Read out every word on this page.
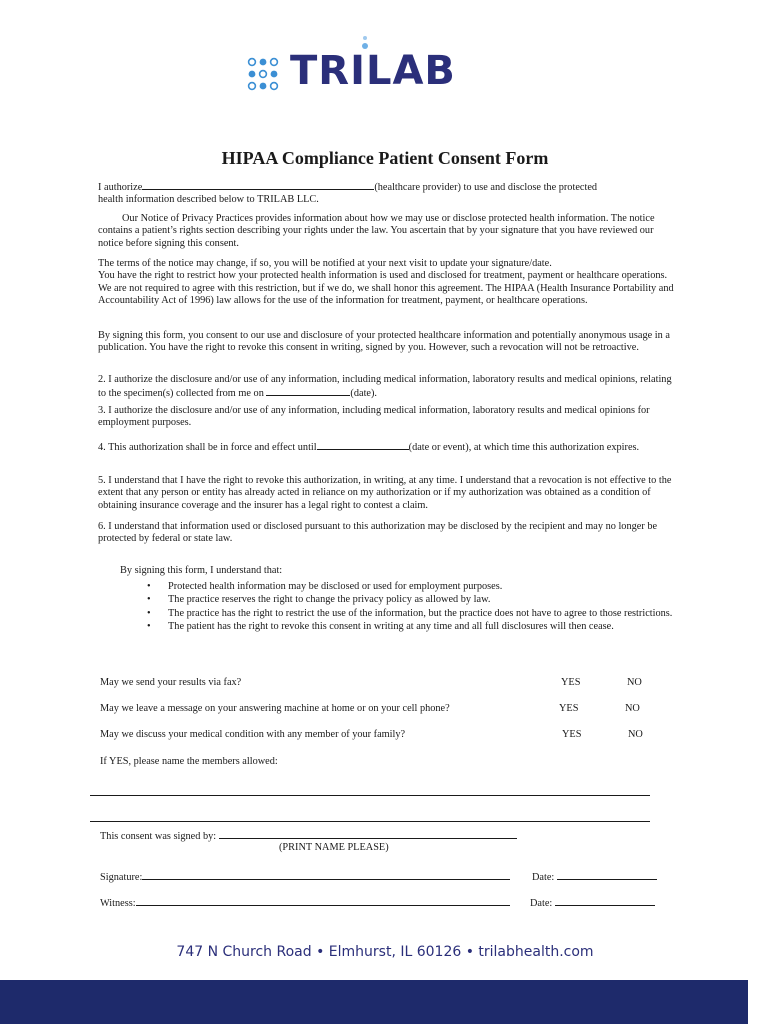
TRILAB
HIPAA Compliance Patient Consent Form
I authorize	(healthcare provider) to use and disclose the protected
health information described below to TRILAB LLC.
Our Notice of Privacy Practices provides information about how we may use or disclose protected health information. The notice contains a patient’s rights section describing your rights under the law. You ascertain that by your signature that you have reviewed our notice before signing this consent.
The terms of the notice may change, if so, you will be notified at your next visit to update your signature/date.
You have the right to restrict how your protected health information is used and disclosed for treatment, payment or healthcare operations. We are not required to agree with this restriction, but if we do, we shall honor this agreement. The HIPAA (Health Insurance Portability and Accountability Act of 1996) law allows for the use of the information for treatment, payment, or healthcare operations.
By signing this form, you consent to our use and disclosure of your protected healthcare information and potentially anonymous usage in a publication. You have the right to revoke this consent in writing, signed by you. However, such a revocation will not be retroactive.
2. I authorize the disclosure and/or use of any information, including medical information, laboratory results and medical opinions, relating to the specimen(s) collected from me on	(date).
3. I authorize the disclosure and/or use of any information, including medical information, laboratory results and medical opinions for employment purposes.
4. This authorization shall be in force and effect until	(date or event), at which time this authorization expires.
5. I understand that I have the right to revoke this authorization, in writing, at any time. I understand that a revocation is not effective to the extent that any person or entity has already acted in reliance on my authorization or if my authorization was obtained as a condition of obtaining insurance coverage and the insurer has a legal right to contest a claim.
6. I understand that information used or disclosed pursuant to this authorization may be disclosed by the recipient and may no longer be protected by federal or state law.
By signing this form, I understand that:
• Protected health information may be disclosed or used for employment purposes.
• The practice reserves the right to change the privacy policy as allowed by law.
• The practice has the right to restrict the use of the information, but the practice does not have to agree to those restrictions.
• The patient has the right to revoke this consent in writing at any time and all full disclosures will then cease.
May we send your results via fax?	YES	NO
May we leave a message on your answering machine at home or on your cell phone?	YES	NO
May we discuss your medical condition with any member of your family?	YES	NO
If YES, please name the members allowed:
This consent was signed by:
(PRINT NAME PLEASE)
Signature:	Date:
Witness:	Date:
747 N Church Road • Elmhurst, IL 60126 • trilabhealth.com
